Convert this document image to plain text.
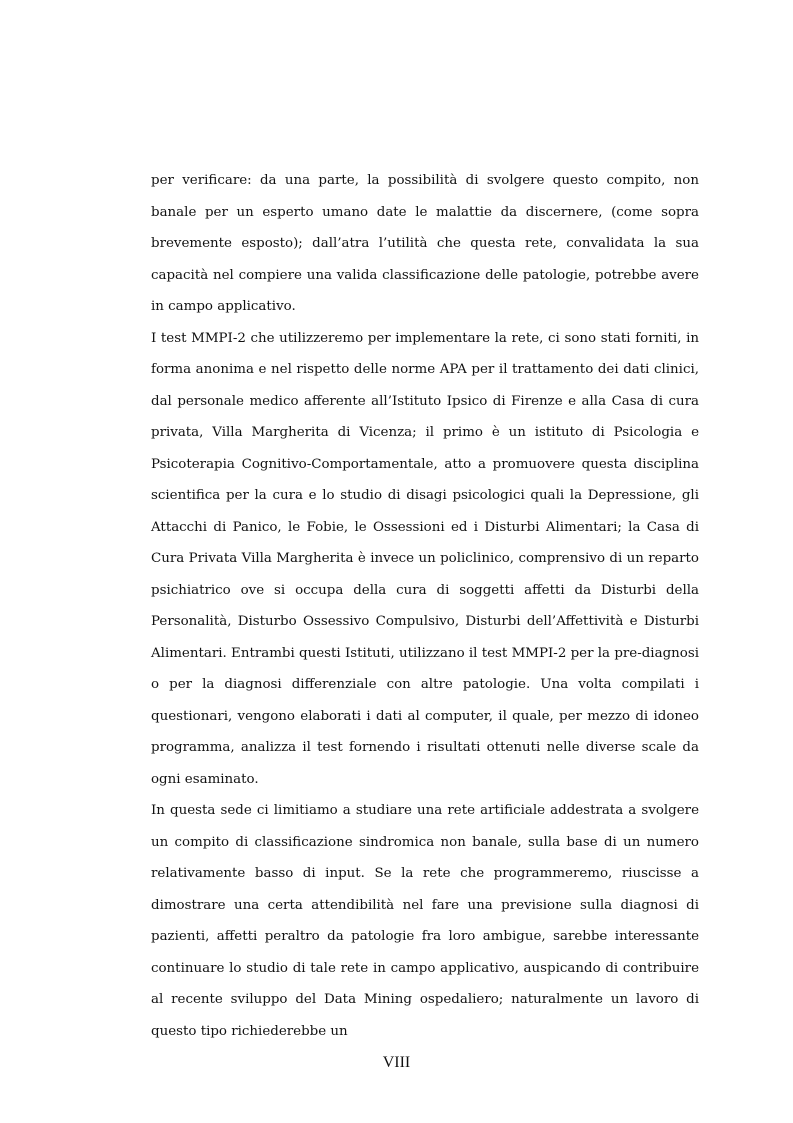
per verificare: da una parte, la possibilità di svolgere questo compito, non banale per un esperto umano date le malattie da discernere, (come sopra brevemente esposto); dall’atra l’utilità che questa rete, convalidata la sua capacità nel compiere una valida classificazione delle patologie, potrebbe avere in campo applicativo.

I test MMPI-2 che utilizzeremo per implementare la rete, ci sono stati forniti, in forma anonima e nel rispetto delle norme APA per il trattamento dei dati clinici, dal personale medico afferente all’Istituto Ipsico di Firenze e alla Casa di cura privata, Villa Margherita di Vicenza; il primo è un istituto di Psicologia e Psicoterapia Cognitivo-Comportamentale, atto a promuovere questa disciplina scientifica per la cura e lo studio di disagi psicologici quali la Depressione, gli Attacchi di Panico, le Fobie, le Ossessioni ed i Disturbi Alimentari; la Casa di Cura Privata Villa Margherita è invece un policlinico, comprensivo di un reparto psichiatrico ove si occupa della cura di soggetti affetti da Disturbi della Personalità, Disturbo Ossessivo Compulsivo, Disturbi dell’Affettività e Disturbi Alimentari. Entrambi questi Istituti, utilizzano il test MMPI-2 per la pre-diagnosi o per la diagnosi differenziale con altre patologie. Una volta compilati i questionari, vengono elaborati i dati al computer, il quale, per mezzo di idoneo programma, analizza il test fornendo i risultati ottenuti nelle diverse scale da ogni esaminato.

In questa sede ci limitiamo a studiare una rete artificiale addestrata a svolgere un compito di classificazione sindromica non banale, sulla base di un numero relativamente basso di input. Se la rete che programmeremo, riuscisse a dimostrare una certa attendibilità nel fare una previsione sulla diagnosi di pazienti, affetti peraltro da patologie fra loro ambigue, sarebbe interessante continuare lo studio di tale rete in campo applicativo, auspicando di contribuire al recente sviluppo del Data Mining ospedaliero; naturalmente un lavoro di questo tipo richiederebbe un

VIII
